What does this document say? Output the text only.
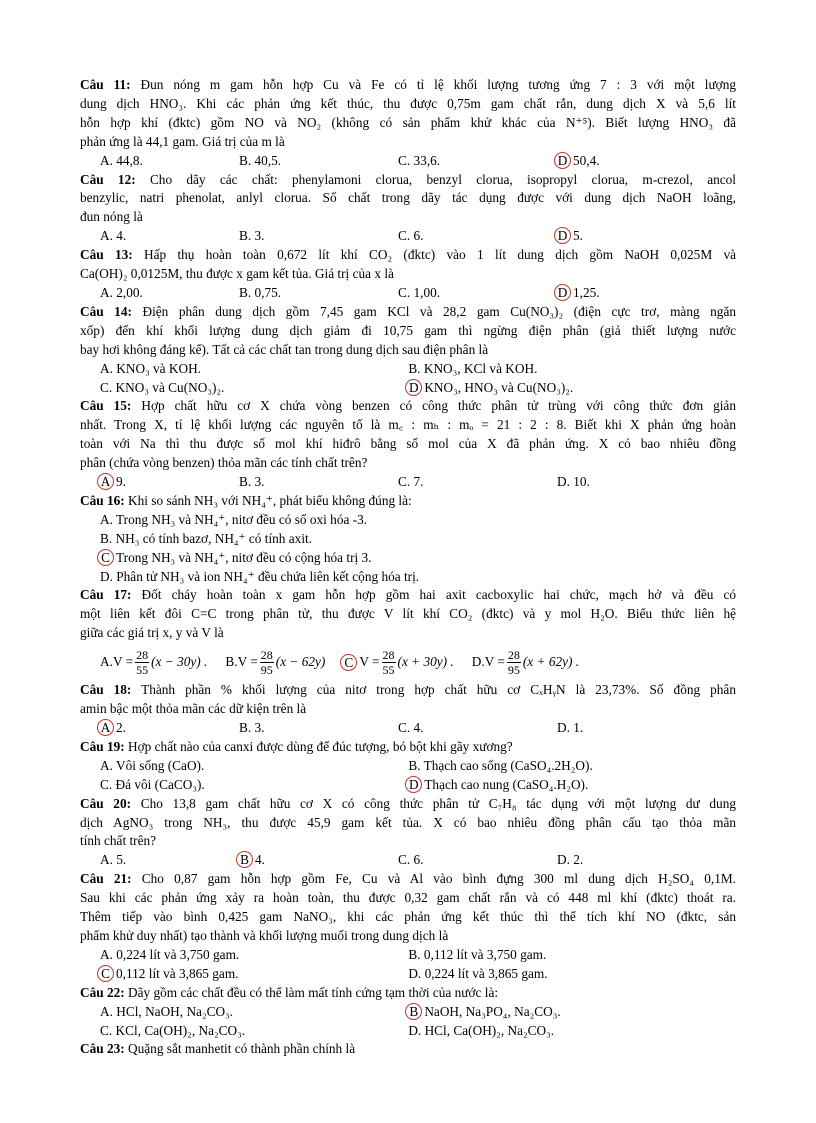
Câu 11: Đun nóng m gam hỗn hợp Cu và Fe có tỉ lệ khối lượng tương ứng 7 : 3 với một lượng
dung dịch HNO₃. Khi các phản ứng kết thúc, thu được 0,75m gam chất rắn, dung dịch X và 5,6 lít
hỗn hợp khí (đktc) gồm NO và NO₂ (không có sản phẩm khử khác của N⁺⁵). Biết lượng HNO₃ đã
phản ứng là 44,1 gam. Giá trị của m là
A. 44,8.	B. 40,5.	C. 33,6.	D 50,4.
Câu 12: Cho dãy các chất: phenylamoni clorua, benzyl clorua, isopropyl clorua, m-crezol, ancol
benzylic, natri phenolat, anlyl clorua. Số chất trong dãy tác dụng được với dung dịch NaOH loãng,
đun nóng là
A. 4.	B. 3.	C. 6.	D 5.
Câu 13: Hấp thụ hoàn toàn 0,672 lít khí CO₂ (đktc) vào 1 lít dung dịch gồm NaOH 0,025M và
Ca(OH)₂ 0,0125M, thu được x gam kết tủa. Giá trị của x là
A. 2,00.	B. 0,75.	C. 1,00.	D 1,25.
Câu 14: Điện phân dung dịch gồm 7,45 gam KCl và 28,2 gam Cu(NO₃)₂ (điện cực trơ, màng ngăn
xốp) đến khí khối lượng dung dịch giảm đi 10,75 gam thì ngừng điện phân (giả thiết lượng nước
bay hơi không đáng kể). Tất cả các chất tan trong dung dịch sau điện phân là
A. KNO₃ và KOH.	B. KNO₃, KCl và KOH.
C. KNO₃ và Cu(NO₃)₂.	D KNO₃, HNO₃ và Cu(NO₃)₂.
Câu 15: Hợp chất hữu cơ X chứa vòng benzen có công thức phân tử trùng với công thức đơn giản
nhất. Trong X, tỉ lệ khối lượng các nguyên tố là m꜀ : mₕ : mₒ = 21 : 2 : 8. Biết khi X phản ứng hoàn
toàn với Na thì thu được số mol khí hiđrô bằng số mol của X đã phản ứng. X có bao nhiêu đồng
phân (chứa vòng benzen) thỏa mãn các tính chất trên?
A 9.	B. 3.	C. 7.	D. 10.
Câu 16: Khi so sánh NH₃ với NH₄⁺, phát biểu không đúng là:
A. Trong NH₃ và NH₄⁺, nitơ đều có số oxi hóa -3.
B. NH₃ có tính bazơ, NH₄⁺ có tính axit.
C Trong NH₃ và NH₄⁺, nitơ đều có cộng hóa trị 3.
D. Phân tử NH₃ và ion NH₄⁺ đều chứa liên kết cộng hóa trị.
Câu 17: Đốt cháy hoàn toàn x gam hỗn hợp gồm hai axit cacboxylic hai chức, mạch hở và đều có
một liên kết đôi C=C trong phân tử, thu được V lít khí CO₂ (đktc) và y mol H₂O. Biểu thức liên hệ
giữa các giá trị x, y và V là
A. $V = \frac{28}{55} (x - 30y)$ . B. $V = \frac{28}{95} (x - 62y)$	C $V = \frac{28}{55} (x + 30y)$ . D. $V = \frac{28}{95} (x + 62y)$ .
Câu 18: Thành phần % khối lượng của nitơ trong hợp chất hữu cơ CₓHᵧN là 23,73%. Số đồng phân
amin bậc một thỏa mãn các dữ kiện trên là
A 2.	B. 3.	C. 4.	D. 1.
Câu 19: Hợp chất nào của canxi được dùng để đúc tượng, bó bột khi gãy xương?
A. Vôi sống (CaO).	B. Thạch cao sống (CaSO₄.2H₂O).
C. Đá vôi (CaCO₃).	D Thạch cao nung (CaSO₄.H₂O).
Câu 20: Cho 13,8 gam chất hữu cơ X có công thức phân tử C₇H₈ tác dụng với một lượng dư dung
dịch AgNO₃ trong NH₃, thu được 45,9 gam kết tủa. X có bao nhiêu đồng phân cấu tạo thỏa mãn
tính chất trên?
A. 5.	B 4.	C. 6.	D. 2.
Câu 21: Cho 0,87 gam hỗn hợp gồm Fe, Cu và Al vào bình đựng 300 ml dung dịch H₂SO₄ 0,1M.
Sau khi các phản ứng xảy ra hoàn toàn, thu được 0,32 gam chất rắn và có 448 ml khí (đktc) thoát ra.
Thêm tiếp vào bình 0,425 gam NaNO₃, khi các phản ứng kết thúc thì thể tích khí NO (đktc, sản
phẩm khử duy nhất) tạo thành và khối lượng muối trong dung dịch là
A. 0,224 lít và 3,750 gam.	B. 0,112 lít và 3,750 gam.
C 0,112 lít và 3,865 gam.	D. 0,224 lít và 3,865 gam.
Câu 22: Dãy gồm các chất đều có thể làm mất tính cứng tạm thời của nước là:
A. HCl, NaOH, Na₂CO₃.	B NaOH, Na₃PO₄, Na₂CO₃.
C. KCl, Ca(OH)₂, Na₂CO₃.	D. HCl, Ca(OH)₂, Na₂CO₃.
Câu 23: Quặng sắt manhetit có thành phần chính là
